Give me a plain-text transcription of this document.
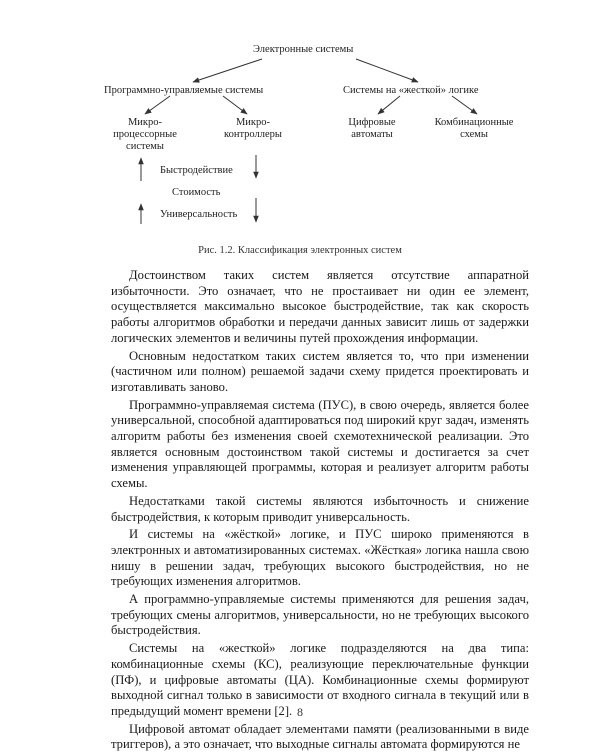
Электронные системы
Программно-управляемые системы	Системы на «жесткой» логике
Микро-
процессорные
системы
Микро-
контроллеры
Цифровые
автоматы
Комбинационные
схемы
Быстродействие
Стоимость
Универсальность
Рис. 1.2. Классификация электронных систем

Достоинством таких систем является отсутствие аппаратной избыточности. Это означает, что не простаивает ни один ее элемент, осуществляется максимально высокое быстродействие, так как скорость работы алгоритмов обработки и передачи данных зависит лишь от задержки логических элементов и величины путей прохождения информации.

Основным недостатком таких систем является то, что при изменении (частичном или полном) решаемой задачи схему придется проектировать и изготавливать заново.

Программно-управляемая система (ПУС), в свою очередь, является более универсальной, способной адаптироваться под широкий круг задач, изменять алгоритм работы без изменения своей схемотехнической реализации. Это является основным достоинством такой системы и достигается за счет изменения управляющей программы, которая и реализует алгоритм работы схемы.

Недостатками такой системы являются избыточность и снижение быстродействия, к которым приводит универсальность.

И системы на «жёсткой» логике, и ПУС широко применяются в электронных и автоматизированных системах. «Жёсткая» логика нашла свою нишу в решении задач, требующих высокого быстродействия, но не требующих изменения алгоритмов.

А программно-управляемые системы применяются для решения задач, требующих смены алгоритмов, универсальности, но не требующих высокого быстродействия.

Системы на «жесткой» логике подразделяются на два типа: комбинационные схемы (КС), реализующие переключательные функции (ПФ), и цифровые автоматы (ЦА). Комбинационные схемы формируют выходной сигнал только в зависимости от входного сигнала в текущий или в предыдущий момент времени [2].

Цифровой автомат обладает элементами памяти (реализованными в виде триггеров), а это означает, что выходные сигналы автомата формируются не

8
